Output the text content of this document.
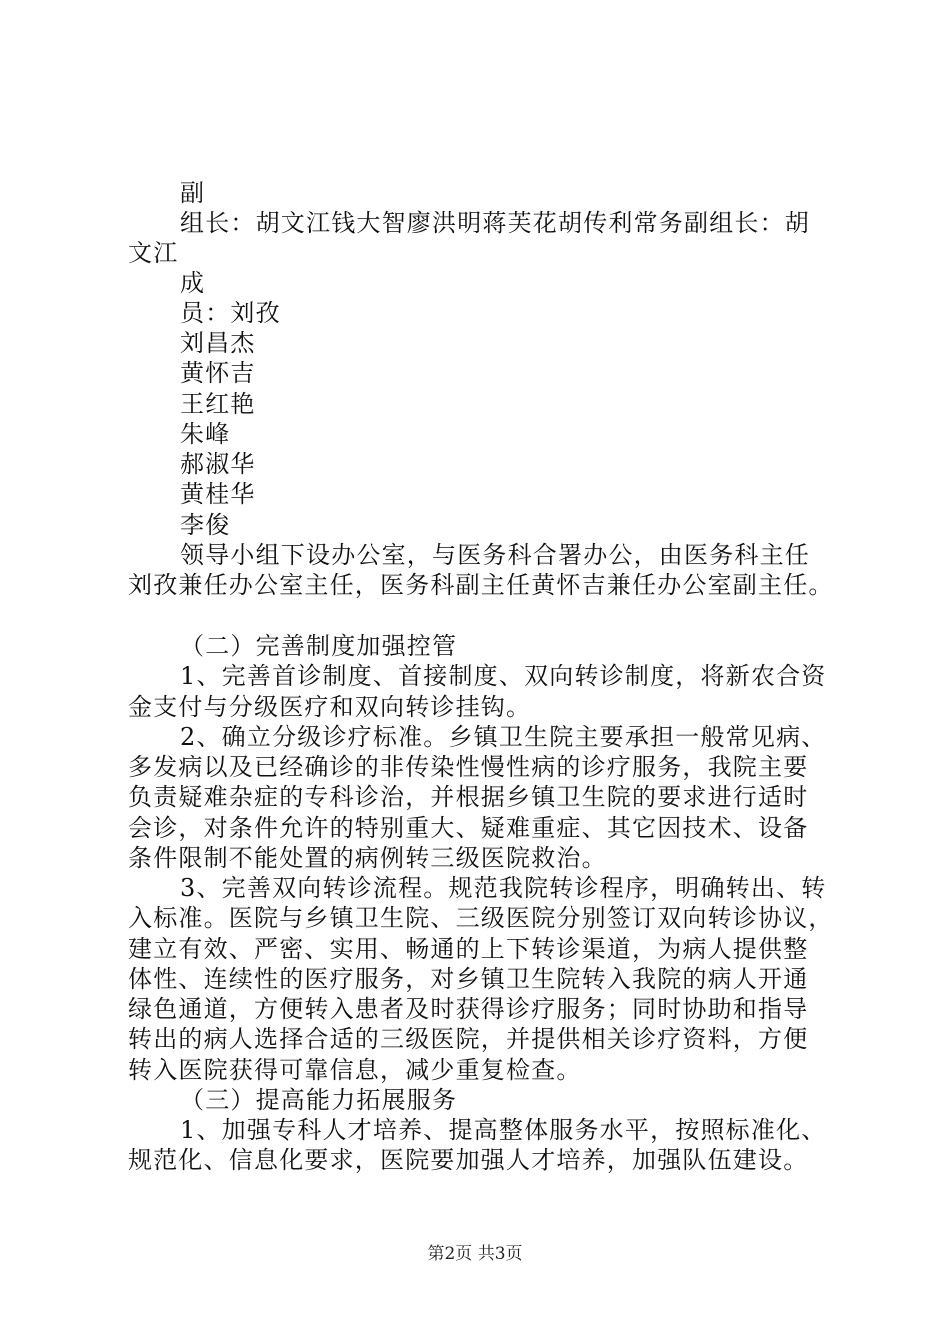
副
组长：胡文江钱大智廖洪明蒋芙花胡传利常务副组长：胡
文江
成
员：刘孜
刘昌杰
黄怀吉
王红艳
朱峰
郝淑华
黄桂华
李俊
领导小组下设办公室，与医务科合署办公，由医务科主任
刘孜兼任办公室主任，医务科副主任黄怀吉兼任办公室副主任。
（二）完善制度加强控管
1、完善首诊制度、首接制度、双向转诊制度，将新农合资
金支付与分级医疗和双向转诊挂钩。
2、确立分级诊疗标准。乡镇卫生院主要承担一般常见病、
多发病以及已经确诊的非传染性慢性病的诊疗服务，我院主要
负责疑难杂症的专科诊治，并根据乡镇卫生院的要求进行适时
会诊，对条件允许的特别重大、疑难重症、其它因技术、设备
条件限制不能处置的病例转三级医院救治。
3、完善双向转诊流程。规范我院转诊程序，明确转出、转
入标准。医院与乡镇卫生院、三级医院分别签订双向转诊协议，
建立有效、严密、实用、畅通的上下转诊渠道，为病人提供整
体性、连续性的医疗服务，对乡镇卫生院转入我院的病人开通
绿色通道，方便转入患者及时获得诊疗服务；同时协助和指导
转出的病人选择合适的三级医院，并提供相关诊疗资料，方便
转入医院获得可靠信息，减少重复检查。
（三）提高能力拓展服务
1、加强专科人才培养、提高整体服务水平，按照标准化、
规范化、信息化要求，医院要加强人才培养，加强队伍建设。
第2页 共3页
